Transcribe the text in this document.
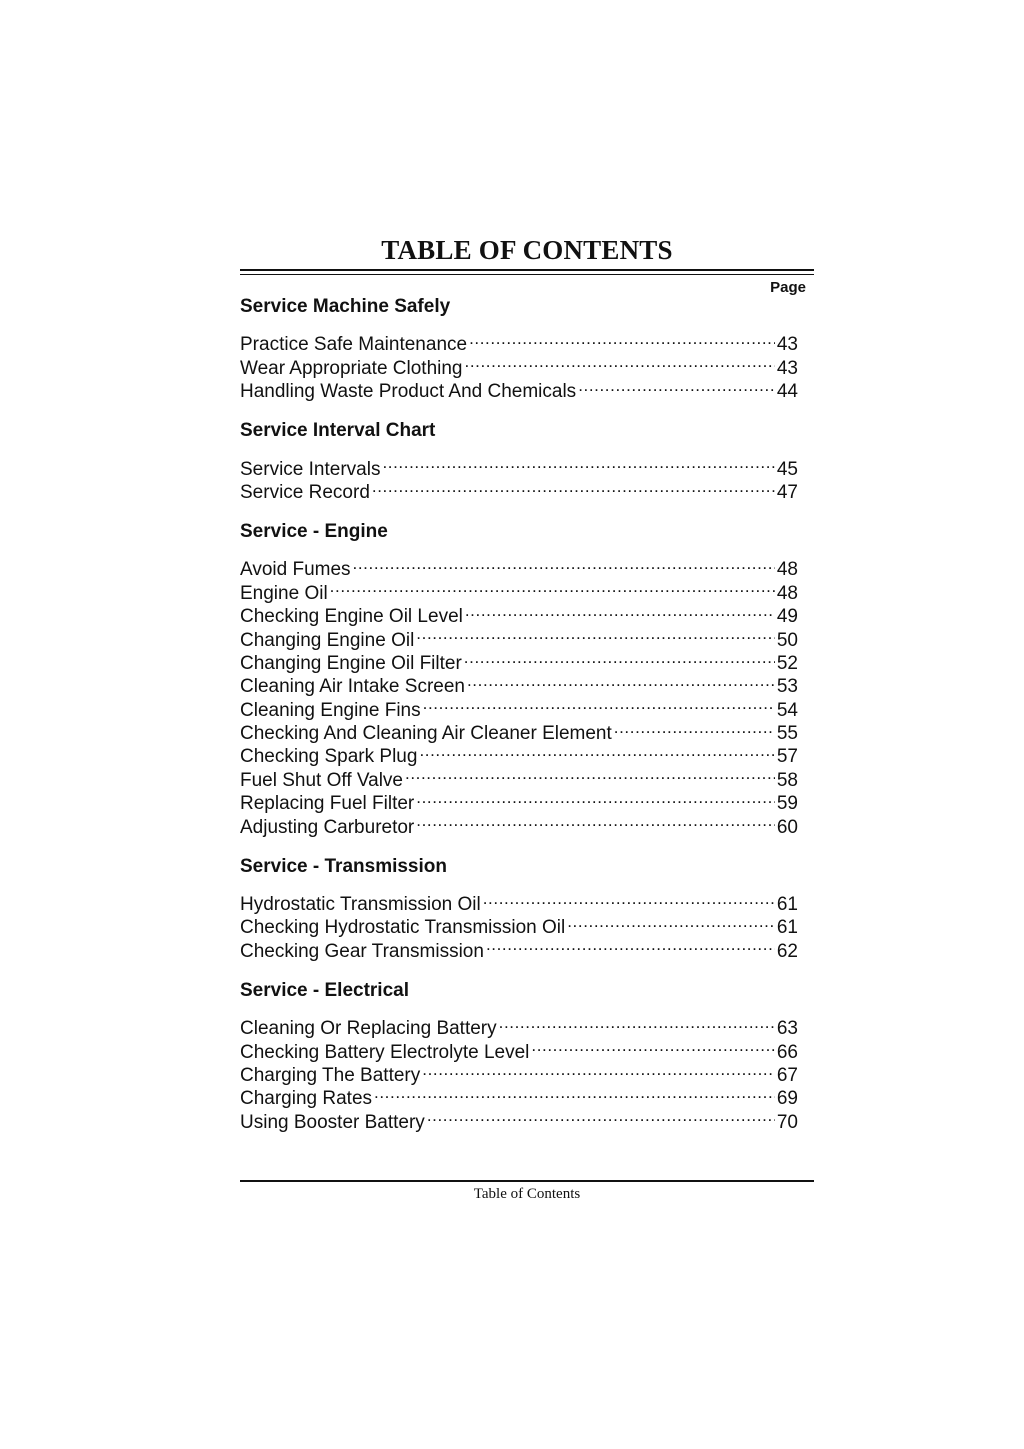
TABLE OF CONTENTS
Page
Service Machine Safely
Practice Safe Maintenance .....	43
Wear Appropriate Clothing .....	43
Handling Waste Product And Chemicals .....	44
Service Interval Chart
Service Intervals .....	45
Service Record .....	47
Service - Engine
Avoid Fumes .....	48
Engine Oil .....	48
Checking Engine Oil Level .....	49
Changing Engine Oil .....	50
Changing Engine Oil Filter .....	52
Cleaning Air Intake Screen .....	53
Cleaning Engine Fins .....	54
Checking And Cleaning Air Cleaner Element .....	55
Checking Spark Plug .....	57
Fuel Shut Off Valve .....	58
Replacing Fuel Filter .....	59
Adjusting Carburetor .....	60
Service - Transmission
Hydrostatic Transmission Oil .....	61
Checking Hydrostatic Transmission Oil .....	61
Checking Gear Transmission .....	62
Service - Electrical
Cleaning Or Replacing Battery .....	63
Checking Battery Electrolyte Level .....	66
Charging The Battery .....	67
Charging Rates .....	69
Using Booster Battery .....	70
Table of Contents
